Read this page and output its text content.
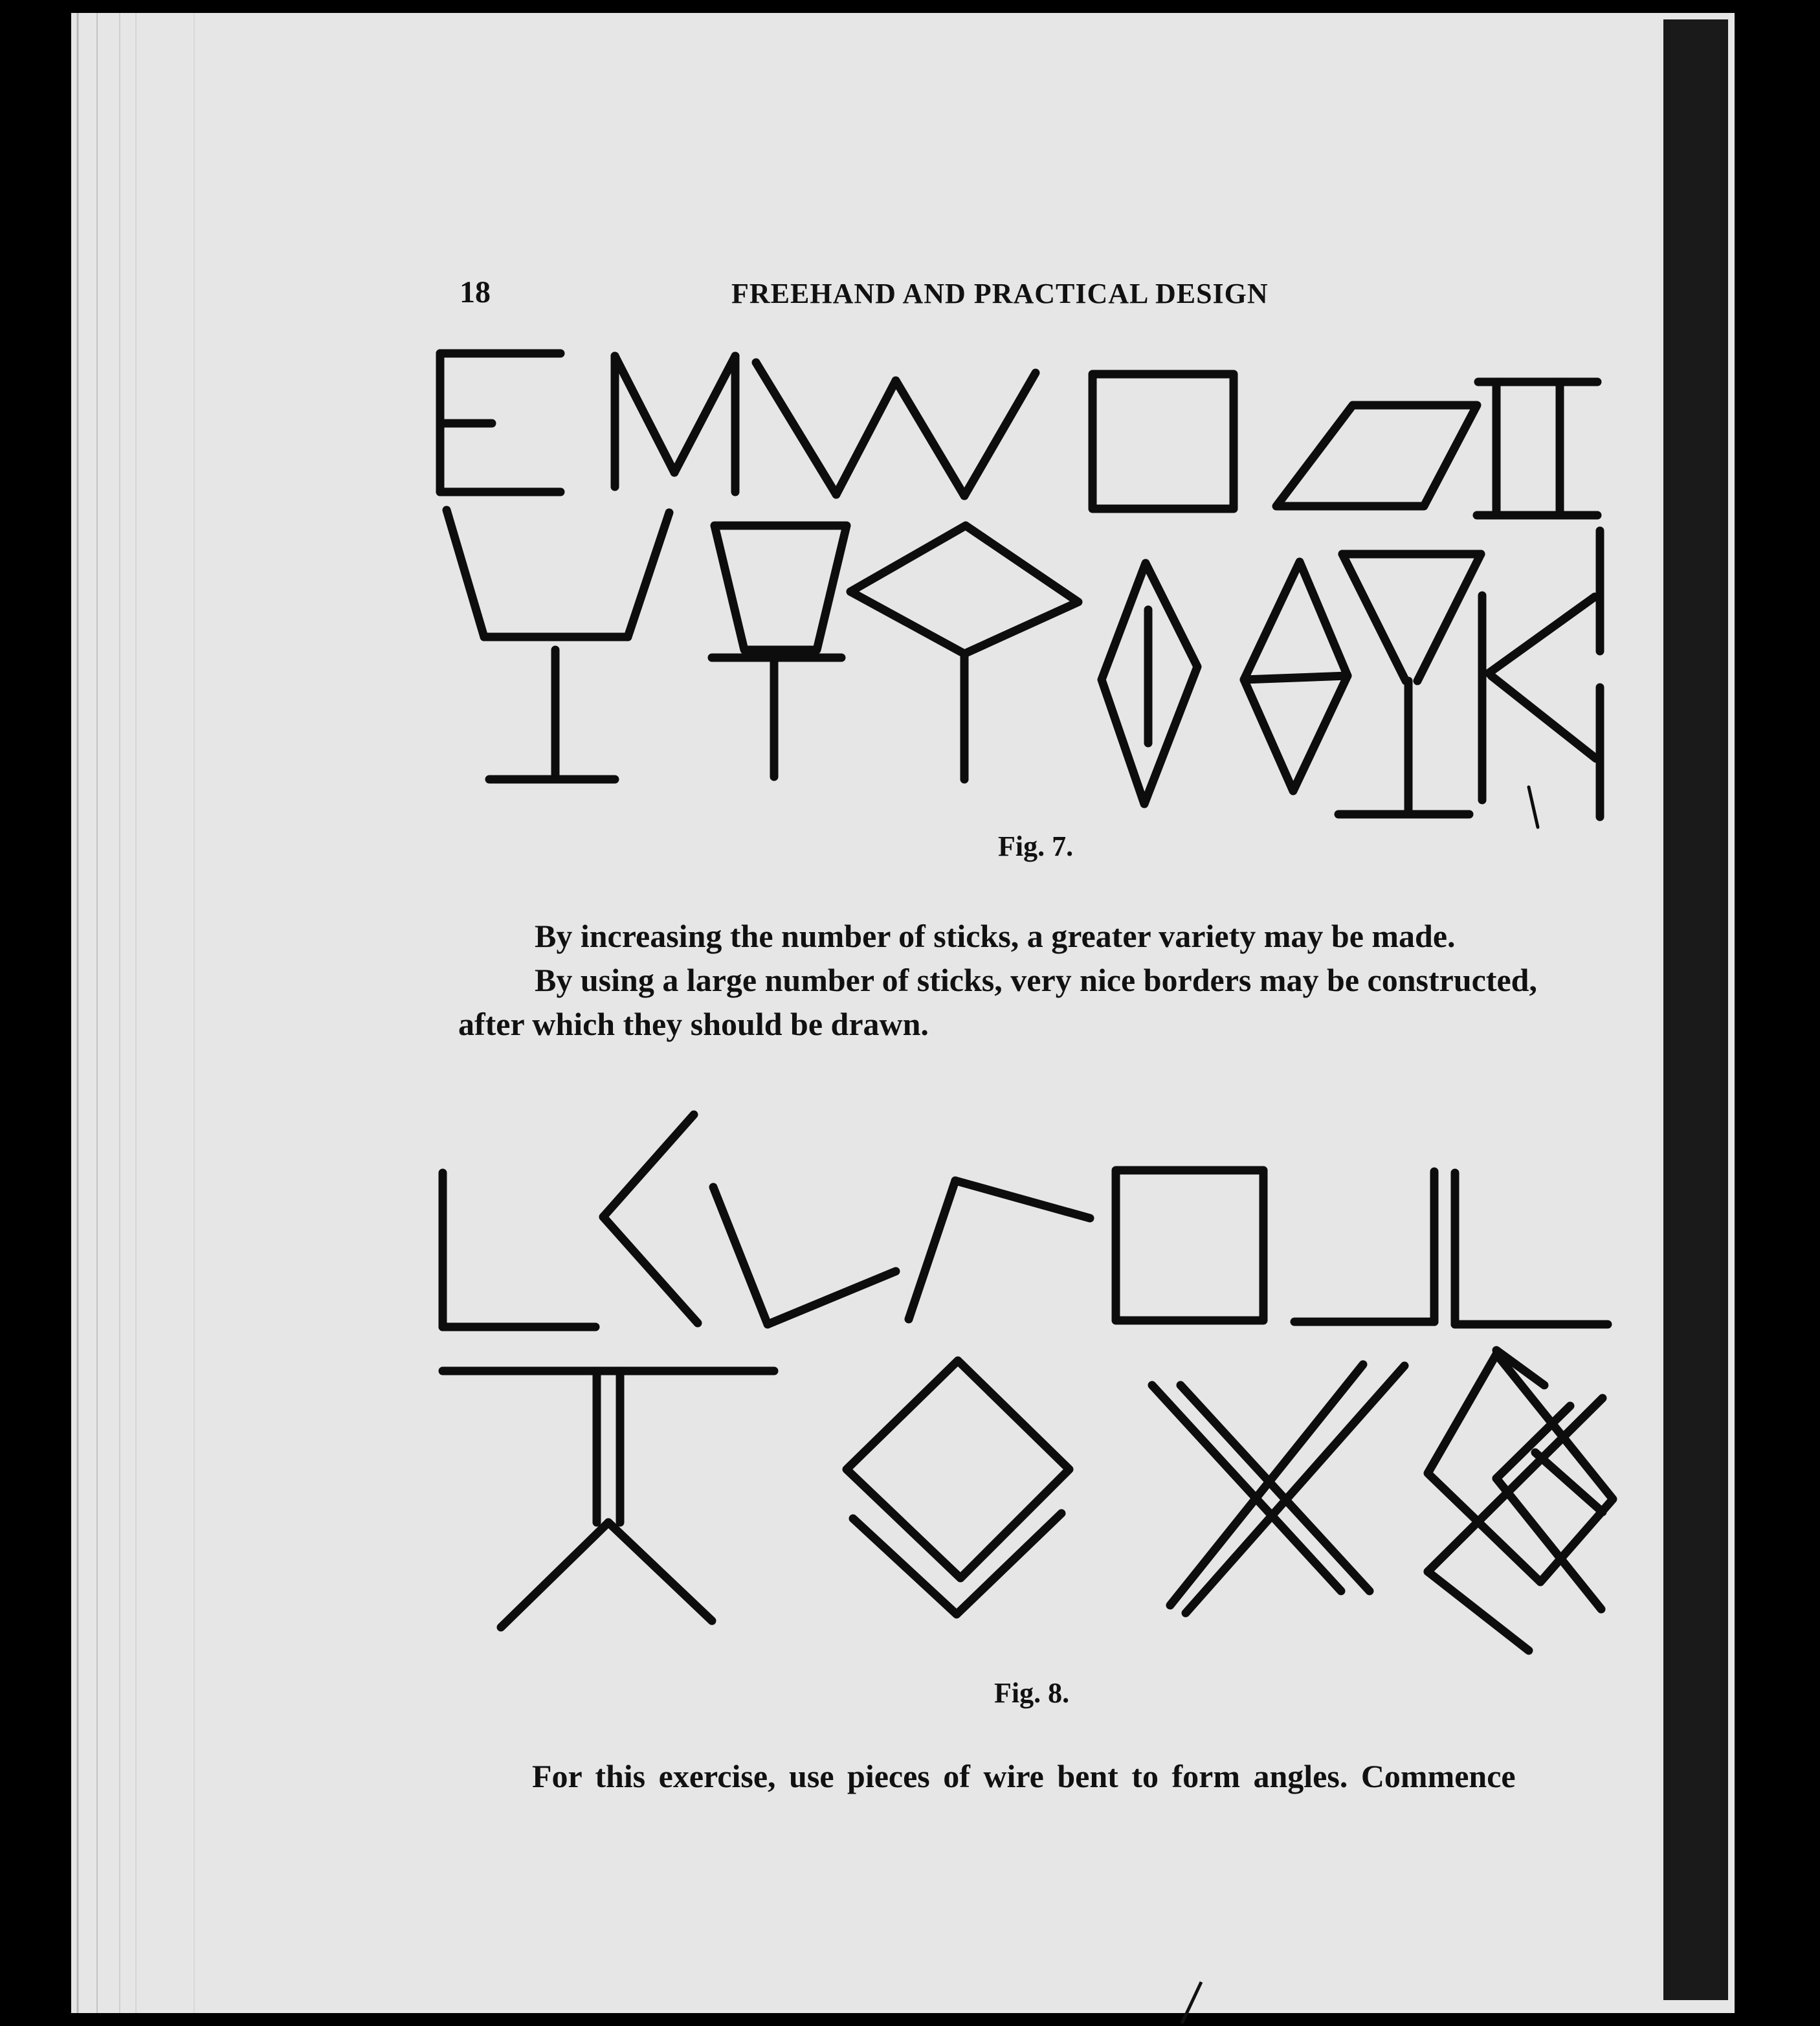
18	FREEHAND AND PRACTICAL DESIGN
Fig. 7.
By increasing the number of sticks, a greater variety may be made.
By using a large number of sticks, very nice borders may be constructed,
after which they should be drawn.
Fig. 8.
For this exercise, use pieces of wire bent to form angles. Commence
